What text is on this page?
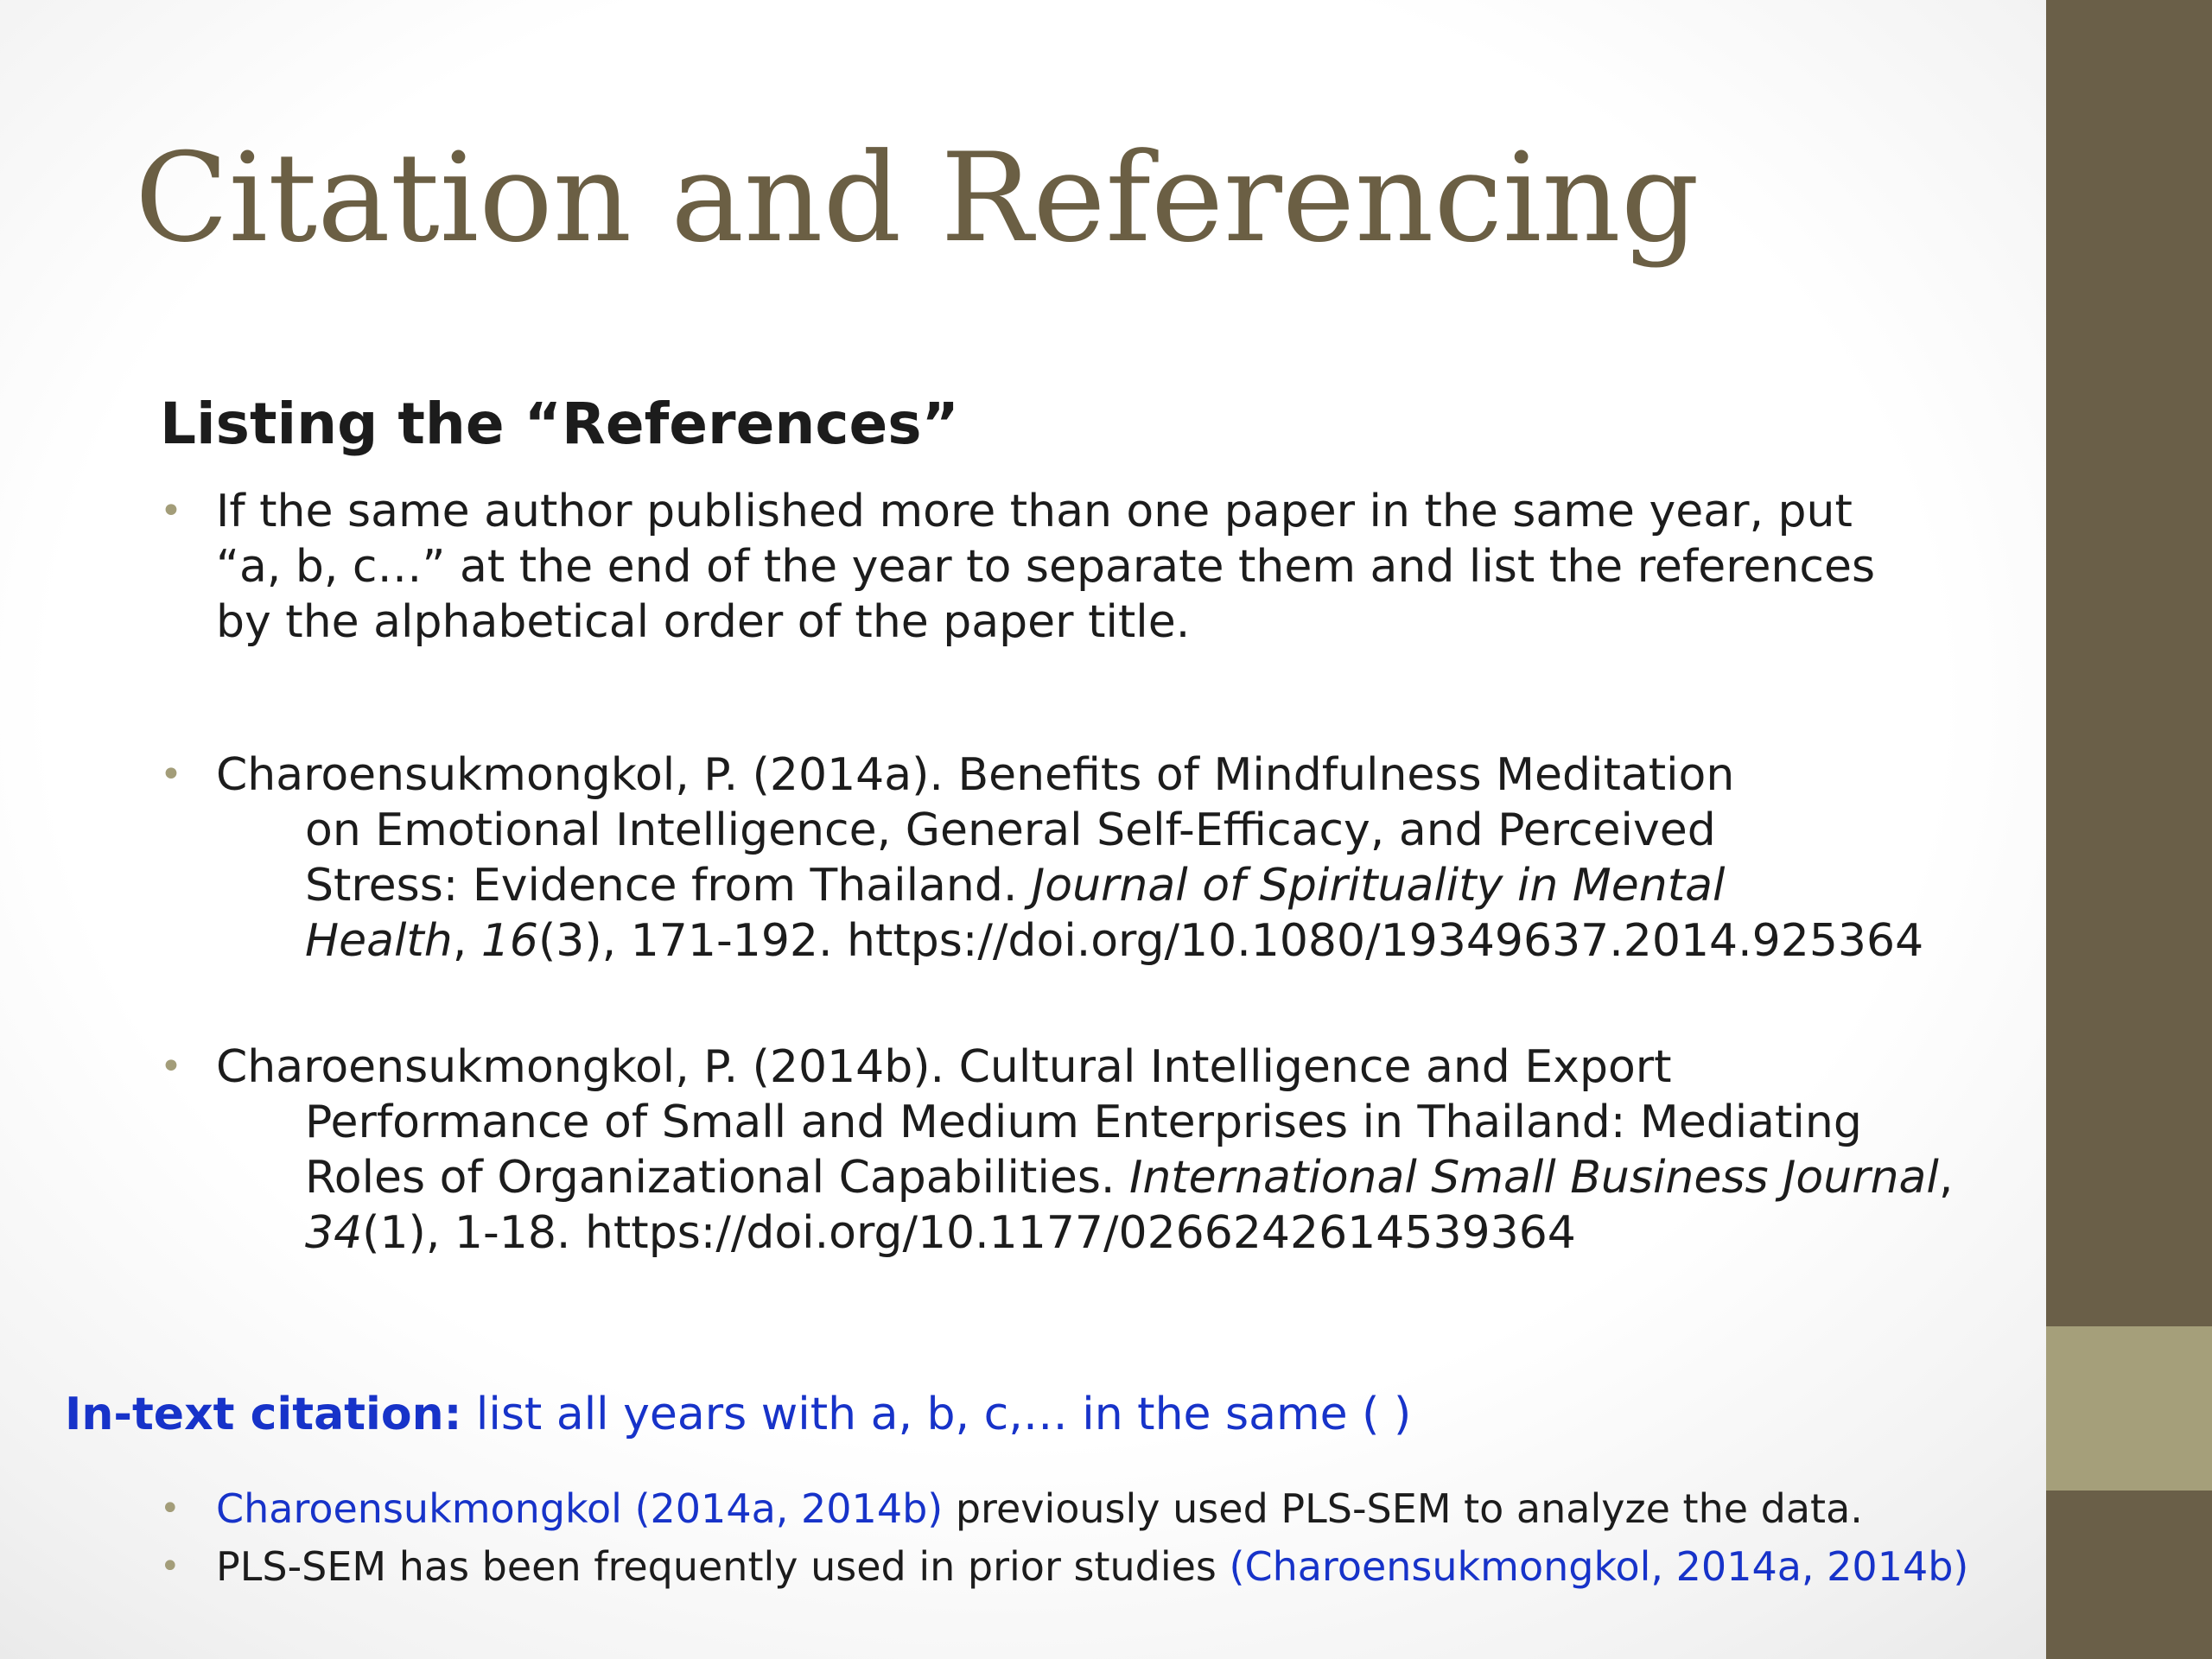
Citation and Referencing
Listing the “References”
• If the same author published more than one paper in the same year, put
“a, b, c…” at the end of the year to separate them and list the references
by the alphabetical order of the paper title.
• Charoensukmongkol, P. (2014a). Benefits of Mindfulness Meditation
on Emotional Intelligence, General Self-Efficacy, and Perceived
Stress: Evidence from Thailand. Journal of Spirituality in Mental
Health, 16(3), 171-192. https://doi.org/10.1080/19349637.2014.925364
• Charoensukmongkol, P. (2014b). Cultural Intelligence and Export
Performance of Small and Medium Enterprises in Thailand: Mediating
Roles of Organizational Capabilities. International Small Business Journal,
34(1), 1-18. https://doi.org/10.1177/0266242614539364
In-text citation: list all years with a, b, c,… in the same ( )
• Charoensukmongkol (2014a, 2014b) previously used PLS-SEM to analyze the data.
• PLS-SEM has been frequently used in prior studies (Charoensukmongkol, 2014a, 2014b)
